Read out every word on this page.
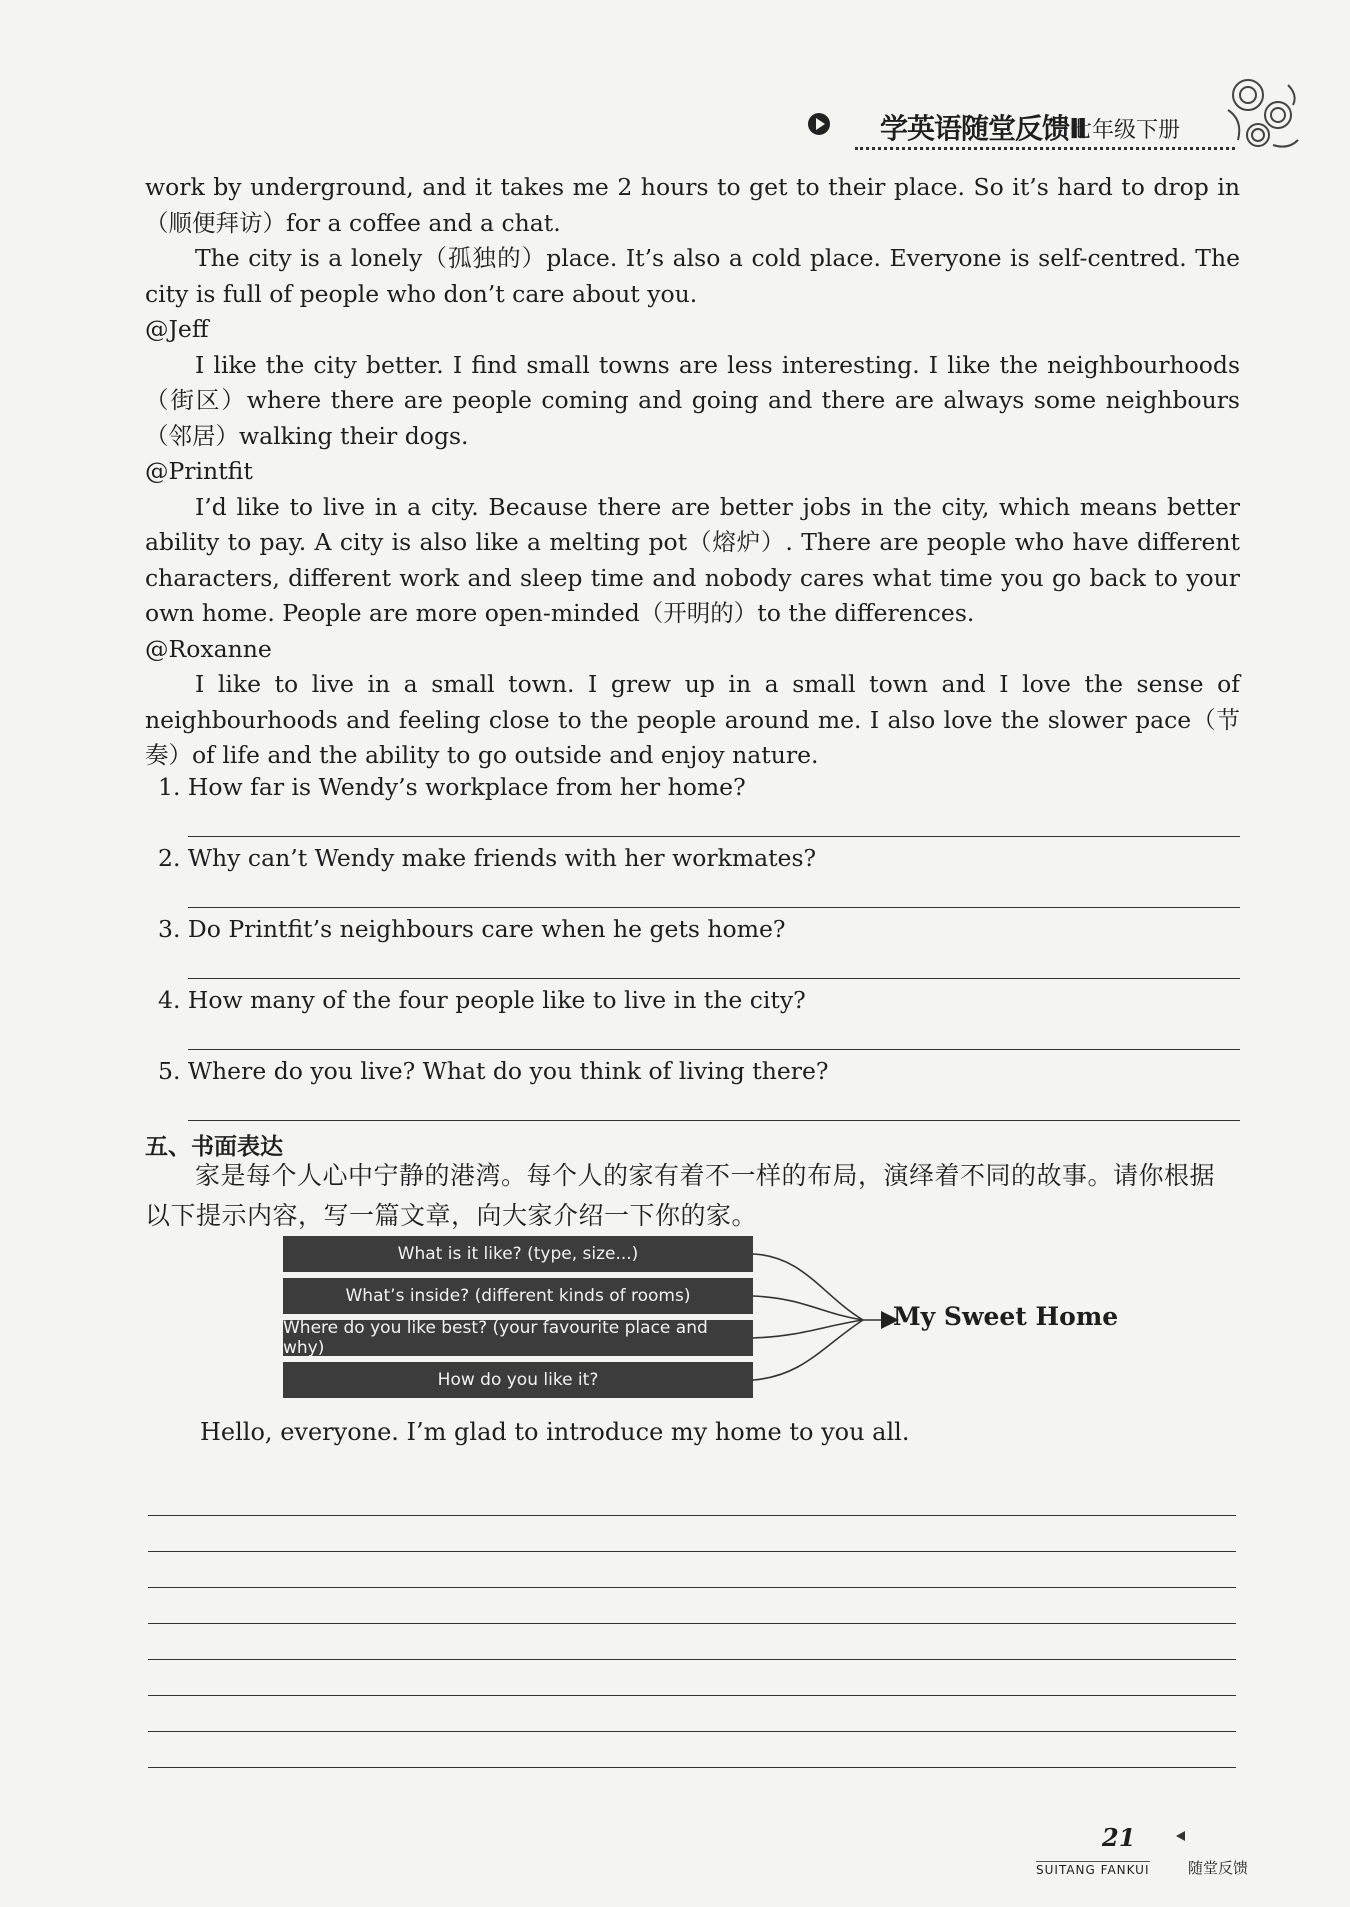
学英语随堂反馈Ⅱ
七年级下册

work by underground, and it takes me 2 hours to get to their place. So it’s hard to drop in（顺便拜访）for a coffee and a chat.

The city is a lonely（孤独的）place. It’s also a cold place. Everyone is self-centred. The city is full of people who don’t care about you.

@Jeff

I like the city better. I find small towns are less interesting. I like the neighbourhoods（街区）where there are people coming and going and there are always some neighbours（邻居）walking their dogs.

@Printfit

I’d like to live in a city. Because there are better jobs in the city, which means better ability to pay. A city is also like a melting pot（熔炉）. There are people who have different characters, different work and sleep time and nobody cares what time you go back to your own home. People are more open-minded（开明的）to the differences.

@Roxanne

I like to live in a small town. I grew up in a small town and I love the sense of neighbourhoods and feeling close to the people around me. I also love the slower pace（节奏）of life and the ability to go outside and enjoy nature.

1. How far is Wendy’s workplace from her home?
2. Why can’t Wendy make friends with her workmates?
3. Do Printfit’s neighbours care when he gets home?
4. How many of the four people like to live in the city?
5. Where do you live? What do you think of living there?
五、书面表达
家是每个人心中宁静的港湾。每个人的家有着不一样的布局，演绎着不同的故事。请你根据以下提示内容，写一篇文章，向大家介绍一下你的家。
What is it like? (type, size...)
What’s inside? (different kinds of rooms)
Where do you like best? (your favourite place and why)
How do you like it?
My Sweet Home
Hello, everyone. I’m glad to introduce my home to you all.
21
SUITANG FANKUI	随堂反馈
